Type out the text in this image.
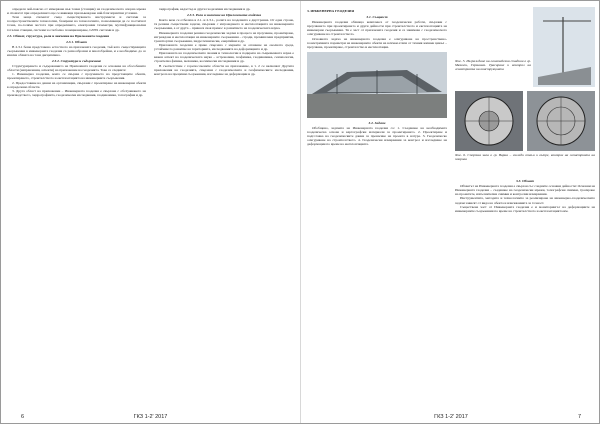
определя чей-поясно от измерване във точки (станции) на геодезическата опорна мрежа и спомагат при определянето ще се явяващи при въвеждане най-благоприятни условия.

Тези неща спомагат също съществуването инструменти и системи за геопространствените технологии, базирани на технологиите, позволяващи да се постигнат точна, по-голяма честота при определянето, електронни тахеметри, мултифункционални тотални станции, системи за глобално позициониране, GNSS системи и др.

2.3. Обхват, структура, роля и значение на Приложната геодезия

2.3.1. Обхват

В 2.3.1 беше представено естеството на приложната геодезия, тъй като съществуващите съоръжения в инженерната геодезия са разнообразни и многобройни, и е необходимо да се изясни обхвата на тази дисциплина.

2.3.2. Структура и съдържание

Структурирането и съдържанието на Приложната геодезия се основава на обособените области (направления, аспекти) на приложение на геодезията. Това са следните:

1. Инженерна геодезия, която се свързва с проучването на предстоящите обекти, проектирането, строителството и експлоатацията на инженерните съоръжения.

2. Предоставяне на данни на организации, свързани с проектиране на инженерни обекти в определени области.

3. Друга област на приложение – Инженерната геодезия е свързана с обслужването на производството, хидрографията, геодезически изследвания, геодинамика, топография и др.

хидрография, кадастър и други геодезични изследвания и др.

2.3.3. Роля и значение на Приложната геодезия

Както вече се отбеляза в 2.1. и 2.3.1., ролята на геодезията е двустранна. От една страна, тя решава съществени задачи, свързани с изграждането и експлоатацията на инженерните съоръжения, а от друга – принася своя принос в развитието на геодезическата наука.

Инженерната геодезия решава геодезически задачи в процеса на проучване, проектиране, изграждане и експлоатация на инженерните съоръжения – сгради, промишлени предприятия, транспортни съоръжения, хидротехнически, енергийни и др.

Приложната геодезия е пряко свързана с мерките за опазване на околната среда, устойчивото развитие на територията, изследванията на деформациите и др.

Приложната на геодезическите знания и технологии в подкрепа на съвременната наука е важен аспект на геодезическата наука – астрономия, геофизика, геодинамика, сеизмология, строителна физика, механика, космически изследвания и др.

В съответствие с горепосочените области на приложение, в т. 2 се включват Другите приложения на геодезията, свързани с геодезическите и геофизическите изследвания, контрола на прецизни съоръжения, изследване на деформации и др.

6	ГКЗ 1-2' 2017

3. ИНЖЕНЕРНА ГЕОДЕЗИЯ

3.1. Същност

Инженерната геодезия обхваща комплекса от геодезически работи, свързани с проучването при проектирането и други дейности при строителството и експлоатацията на инженерни съоръжения. Тя е част от приложната геодезия и се занимава с геодезическото осигуряване на строителството.

Основната задача на инженерната геодезия е осигуряване на пространствено-геометричните параметри на инженерните обекти на всички етапи от техния жизнен цикъл – проучване, проектиране, строителство и експлоатация.

3.2. Задачи

Обобщено, задачите на Инженерната геодезия са: 1. Създаване на необходимата геодезическа основа и картографски материали за проектирането. 2. Проектиране и подготовка на геодезическите данни за пренасяне на проекта в натура. 3. Геодезическо осигуряване на строителството. 4. Геодезически измервания за контрол и изследване на деформации по време на експлоатацията.

Фиг. 5. Изграждане на олимпийския стадион в гр. Мюнхен, Германия. Трасиране и контрол на геометрията на конструкцията
Фиг. 6. Спортна зала в гр. Варна – изгледи отвън и вътре, контрол на геометрията на покрива

3.3. Обхват

Обхватът на Инженерната геодезия е свързан със следните основни дейности: Основни на Инженерната геодезия – създаване на геодезически мрежи, топографски снимки, трасиране на проектите, изпълнителни снимки и контролни измервания.

Инструментите, методите и технологиите за реализиране на инженерно-геодезическите задачи зависят от вида на обекта и изискванията за точност.

Съществена част от Инженерната геодезия е и мониторингът на деформациите на инженерните съоръжения по време на строителството и експлоатацията им.

ГКЗ 1-2' 2017	7
